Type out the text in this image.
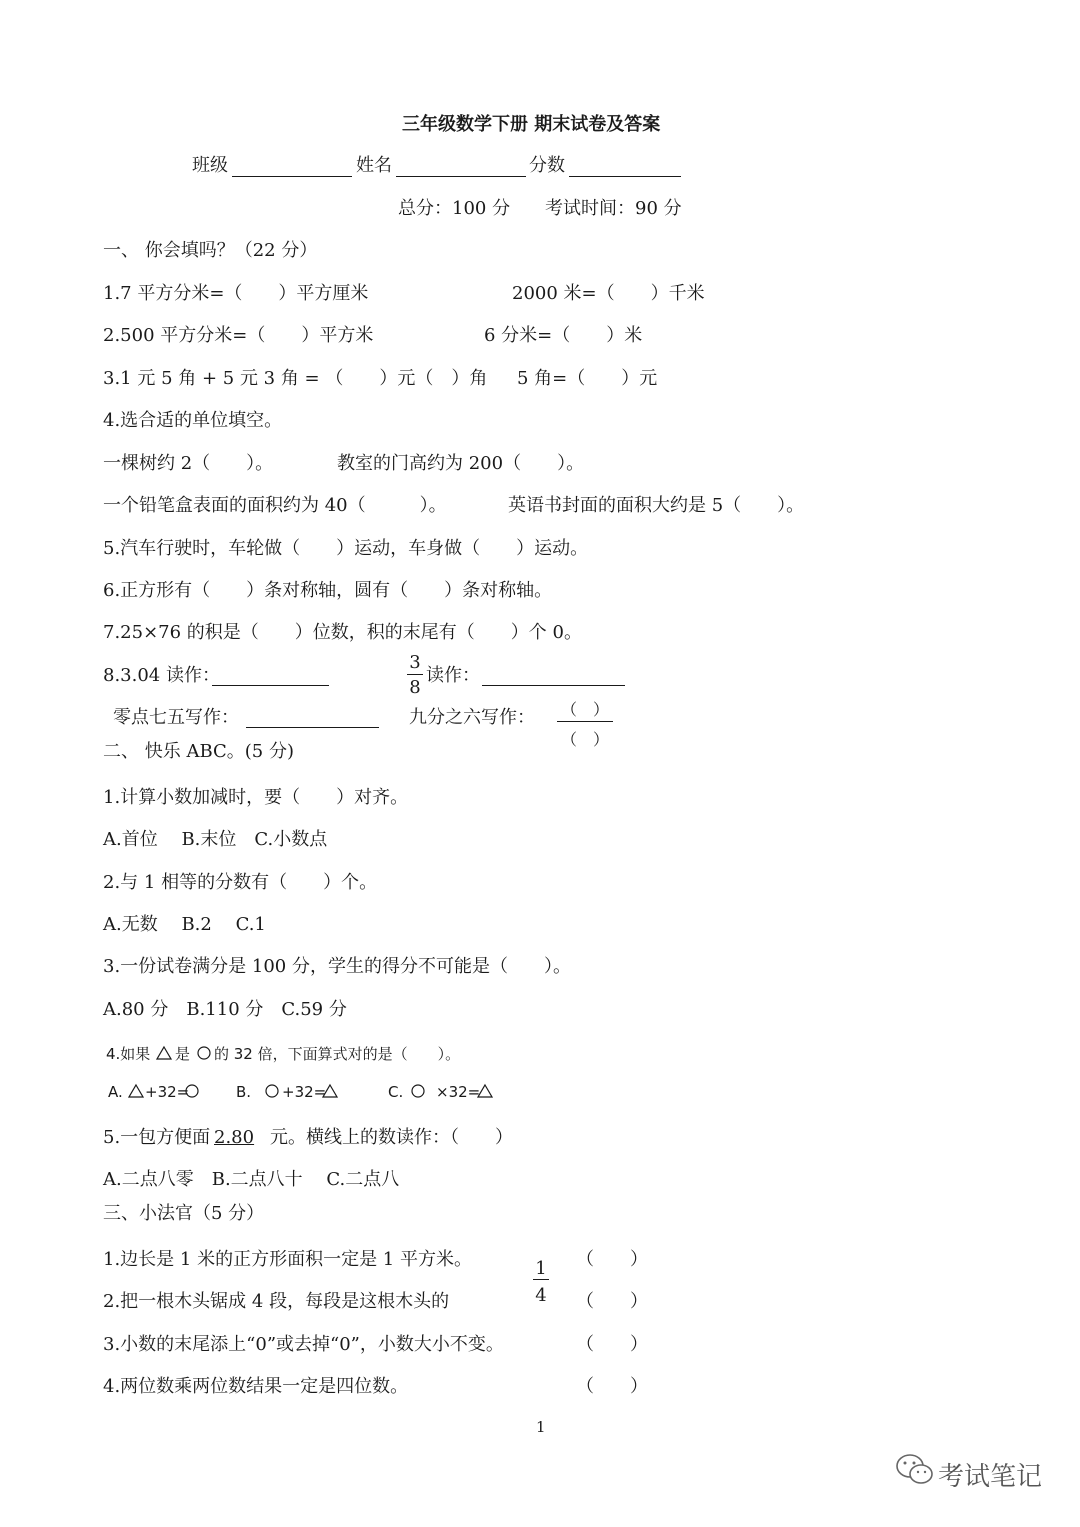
三年级数学下册 期末试卷及答案
班级	姓名	分数
总分：100 分 考试时间：90 分
一、 你会填吗？（22 分）
1.7 平方分米=（　　）平方厘米	2000 米=（　　）千米
2.500 平方分米=（　　）平方米	6 分米=（　　）米
3.1 元 5 角 + 5 元 3 角 = （　　）元（　）角 5 角=（　　）元
4.选合适的单位填空。
一棵树约 2（　　）。	教室的门高约为 200（　　）。
一个铅笔盒表面的面积约为 40（　　　）。	英语书封面的面积大约是 5（　　）。
5.汽车行驶时，车轮做（　　）运动，车身做（　　）运动。
6.正方形有（　　）条对称轴，圆有（　　）条对称轴。
7.25×76 的积是（　　）位数，积的末尾有（　　）个 0。
8.3.04 读作：
3
8
读作：
零点七五写作：	九分之六写作： （　）
（　）
二、 快乐 ABC。(5 分)
1.计算小数加减时，要（　　）对齐。
A.首位　 B.末位　C.小数点
2.与 1 相等的分数有（　　）个。
A.无数　 B.2　 C.1
3.一份试卷满分是 100 分，学生的得分不可能是（　　）。
A.80 分　B.110 分　C.59 分
4.如果 是 的 32 倍，下面算式对的是（　　）。
A. +32=	B. +32=	C. ×32=
5.一包方便面 2.80 元。横线上的数读作：（　　）
A.二点八零　B.二点八十　 C.二点八
三、小法官（5 分）
1.边长是 1 米的正方形面积一定是 1 平方米。	（　　）
1
4
2.把一根木头锯成 4 段，每段是这根木头的	（　　）
3.小数的末尾添上“0”或去掉“0”，小数大小不变。	（　　）
4.两位数乘两位数结果一定是四位数。	（　　）
1
考试笔记
